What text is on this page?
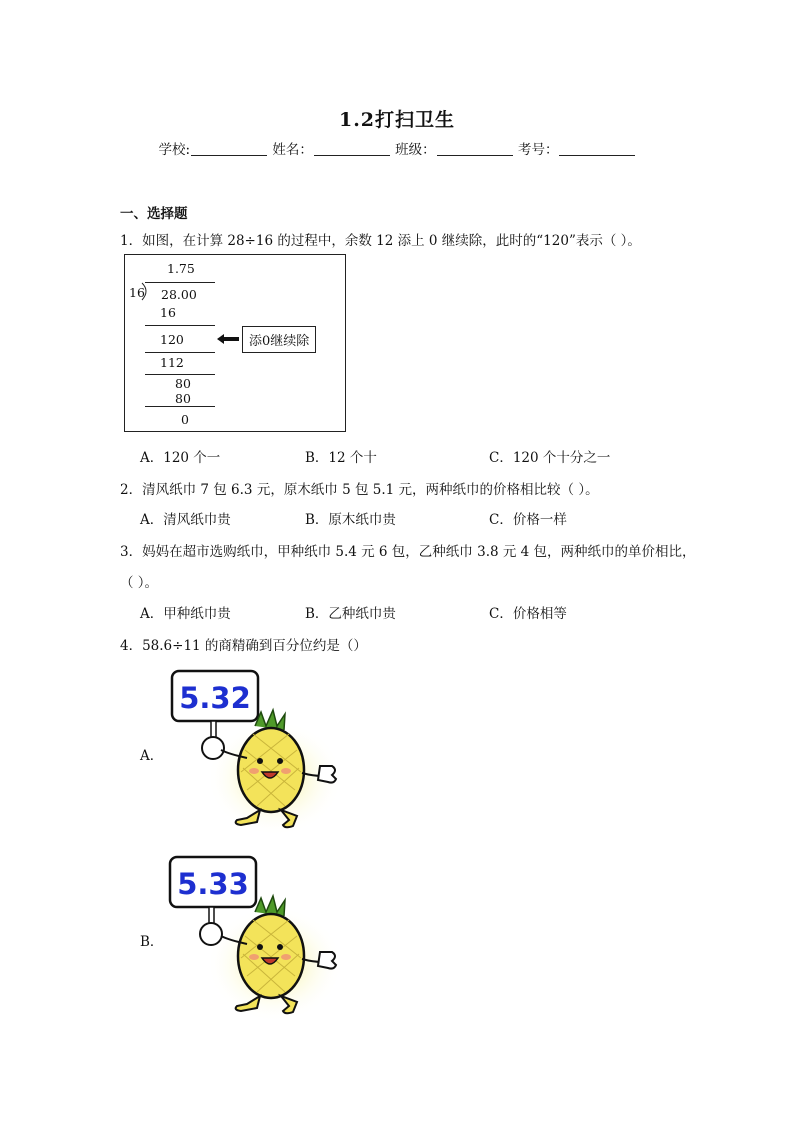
1.2打扫卫生
学校:	姓名：	班级：	考号：
一、选择题
1．如图，在计算 28÷16 的过程中，余数 12 添上 0 继续除，此时的“120”表示（ ）。
1.75
16 28.00
16
120
112
80
80
0
添0继续除
A．120 个一	B．12 个十	C．120 个十分之一
2．清风纸巾 7 包 6.3 元，原木纸巾 5 包 5.1 元，两种纸巾的价格相比较（ ）。
A．清风纸巾贵	B．原木纸巾贵	C．价格一样
3．妈妈在超市选购纸巾，甲种纸巾 5.4 元 6 包，乙种纸巾 3.8 元 4 包，两种纸巾的单价相比，
（ ）。
A．甲种纸巾贵	B．乙种纸巾贵	C．价格相等
4．58.6÷11 的商精确到百分位约是（）
A．
5.32
B．
5.33
